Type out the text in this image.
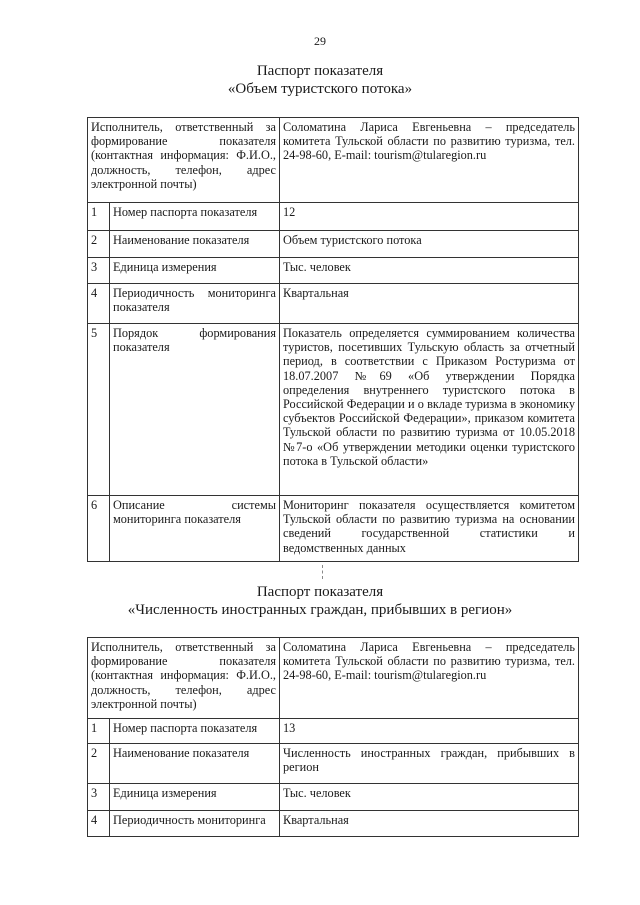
29
Паспорт показателя
«Объем туристского потока»
Исполнитель, ответственный за формирование показателя (контактная информация: Ф.И.О., должность, телефон, адрес электронной почты)		Соломатина Лариса Евгеньевна – председатель комитета Тульской области по развитию туризма, тел. 24-98-60, E-mail: tourism@tularegion.ru
1	Номер паспорта показателя	12
2	Наименование показателя	Объем туристского потока
3	Единица измерения	Тыс. человек
4	Периодичность мониторинга показателя	Квартальная
5	Порядок формирования показателя	Показатель определяется суммированием количества туристов, посетивших Тульскую область за отчетный период, в соответствии с Приказом Ростуризма от 18.07.2007 №69 «Об утверждении Порядка определения внутреннего туристского потока в Российской Федерации и о вкладе туризма в экономику субъектов Российской Федерации», приказом комитета Тульской области по развитию туризма от 10.05.2018 №7-о «Об утверждении методики оценки туристского потока в Тульской области»
6	Описание системы мониторинга показателя	Мониторинг показателя осуществляется комитетом Тульской области по развитию туризма на основании сведений государственной статистики и ведомственных данных
Паспорт показателя
«Численность иностранных граждан, прибывших в регион»
Исполнитель, ответственный за формирование показателя (контактная информация: Ф.И.О., должность, телефон, адрес электронной почты)		Соломатина Лариса Евгеньевна – председатель комитета Тульской области по развитию туризма, тел. 24-98-60, E-mail: tourism@tularegion.ru
1	Номер паспорта показателя	13
2	Наименование показателя	Численность иностранных граждан, прибывших в регион
3	Единица измерения	Тыс. человек
4	Периодичность мониторинга	Квартальная
